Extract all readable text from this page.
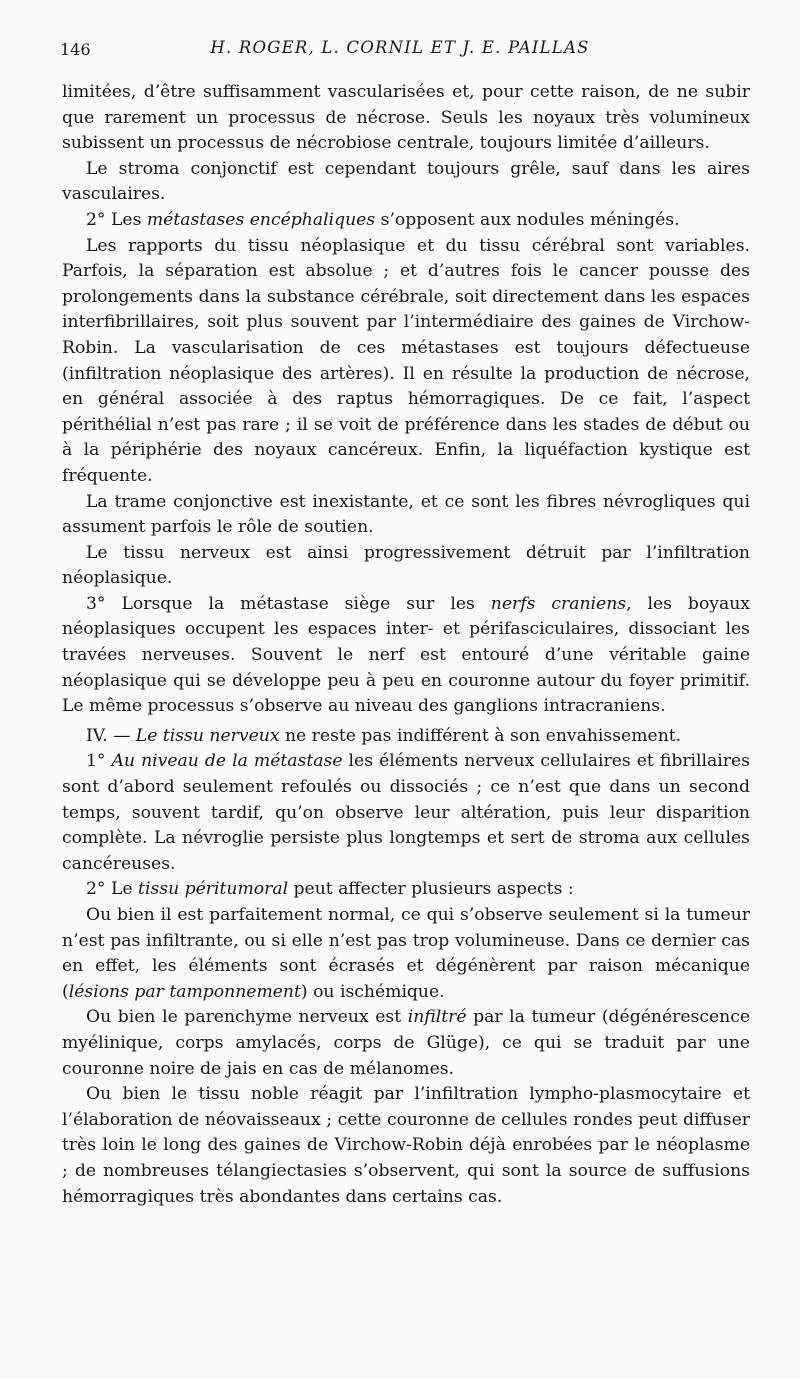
146	H. ROGER, L. CORNIL ET J. E. PAILLAS

limitées, d’être suffisamment vascularisées et, pour cette raison, de ne subir que rarement un processus de nécrose. Seuls les noyaux très volumineux subissent un processus de nécrobiose centrale, toujours limitée d’ailleurs.

Le stroma conjonctif est cependant toujours grêle, sauf dans les aires vasculaires.

2° Les métastases encéphaliques s’opposent aux nodules méningés.

Les rapports du tissu néoplasique et du tissu cérébral sont variables. Parfois, la séparation est absolue ; et d’autres fois le cancer pousse des prolongements dans la substance cérébrale, soit directement dans les espaces interfibrillaires, soit plus souvent par l’intermédiaire des gaines de Virchow-Robin. La vascularisation de ces métastases est toujours défectueuse (infiltration néoplasique des artères). Il en résulte la production de nécrose, en général associée à des raptus hémorragiques. De ce fait, l’aspect périthélial n’est pas rare ; il se voit de préférence dans les stades de début ou à la périphérie des noyaux cancéreux. Enfin, la liquéfaction kystique est fréquente.

La trame conjonctive est inexistante, et ce sont les fibres névrogliques qui assument parfois le rôle de soutien.

Le tissu nerveux est ainsi progressivement détruit par l’infiltration néoplasique.

3° Lorsque la métastase siège sur les nerfs craniens, les boyaux néoplasiques occupent les espaces inter- et périfasciculaires, dissociant les travées nerveuses. Souvent le nerf est entouré d’une véritable gaine néoplasique qui se développe peu à peu en couronne autour du foyer primitif. Le même processus s’observe au niveau des ganglions intracraniens.

IV. — Le tissu nerveux ne reste pas indifférent à son envahissement.

1° Au niveau de la métastase les éléments nerveux cellulaires et fibrillaires sont d’abord seulement refoulés ou dissociés ; ce n’est que dans un second temps, souvent tardif, qu’on observe leur altération, puis leur disparition complète. La névroglie persiste plus longtemps et sert de stroma aux cellules cancéreuses.

2° Le tissu péritumoral peut affecter plusieurs aspects :

Ou bien il est parfaitement normal, ce qui s’observe seulement si la tumeur n’est pas infiltrante, ou si elle n’est pas trop volumineuse. Dans ce dernier cas en effet, les éléments sont écrasés et dégénèrent par raison mécanique (lésions par tamponnement) ou ischémique.

Ou bien le parenchyme nerveux est infiltré par la tumeur (dégénérescence myélinique, corps amylacés, corps de Glüge), ce qui se traduit par une couronne noire de jais en cas de mélanomes.

Ou bien le tissu noble réagit par l’infiltration lympho-plasmocytaire et l’élaboration de néovaisseaux ; cette couronne de cellules rondes peut diffuser très loin le long des gaines de Virchow-Robin déjà enrobées par le néoplasme ; de nombreuses télangiectasies s’observent, qui sont la source de suffusions hémorragiques très abondantes dans certains cas.
